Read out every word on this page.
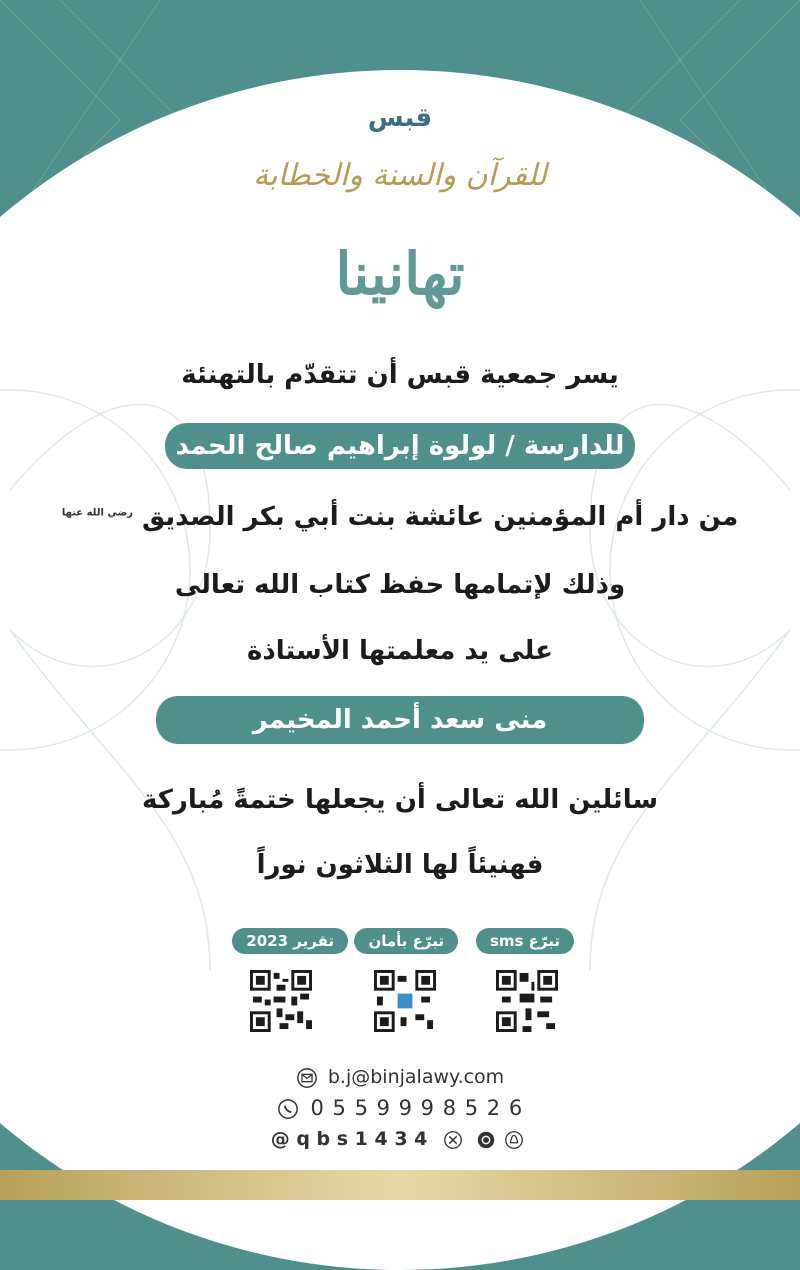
قبس
للقرآن والسنة والخطابة
تهانينا
يسر جمعية قبس أن تتقدّم بالتهنئة
للدارسة / لولوة إبراهيم صالح الحمد
من دار أم المؤمنين عائشة بنت أبي بكر الصديق $^{رضي الله عنها}$
وذلك لإتمامها حفظ كتاب الله تعالى
على يد معلمتها الأستاذة
منى سعد أحمد المخيمر
سائلين الله تعالى أن يجعلها ختمةً مُباركة
فهنيئاً لها الثلاثون نوراً
تقرير 2023	تبرّع بأمان	تبرّع sms
b.j@binjalawy.com
0 5 5 9 9 9 8 5 2 6
@ q b s 1 4 3 4
